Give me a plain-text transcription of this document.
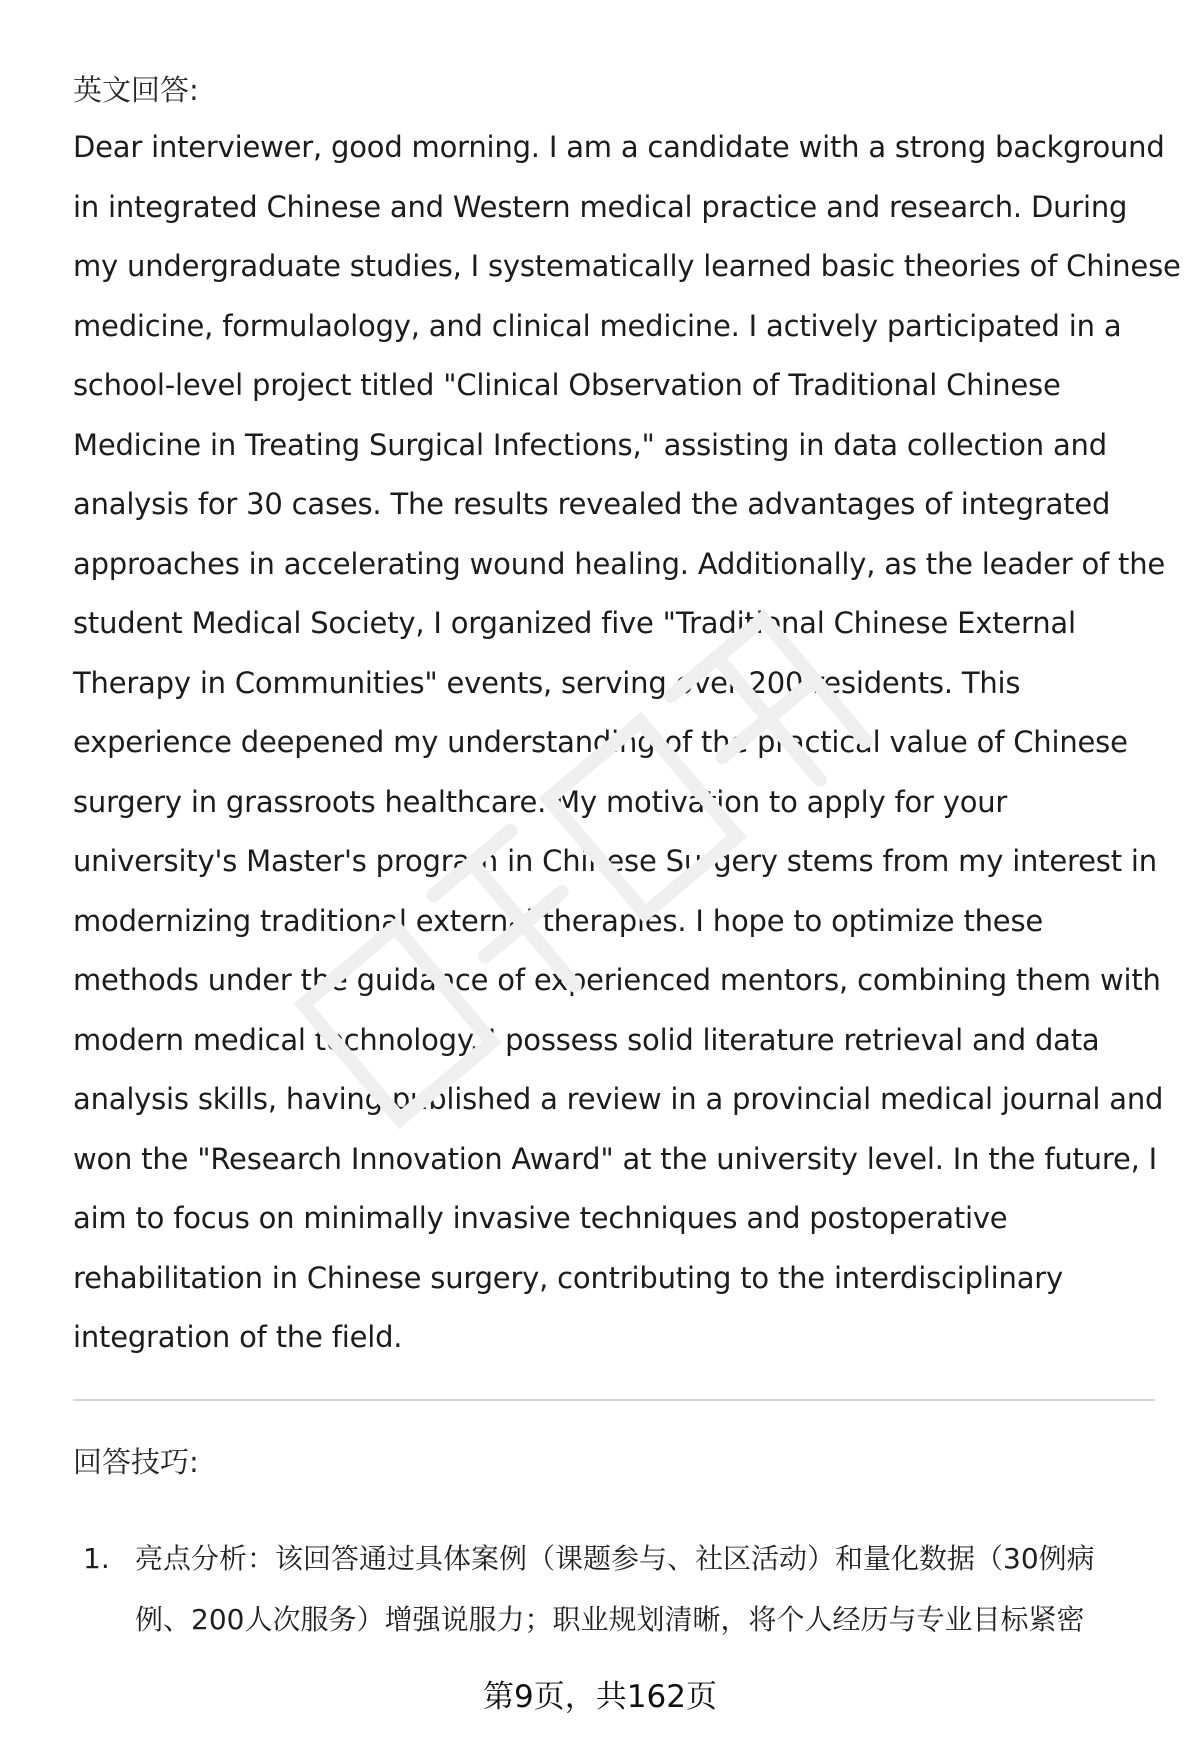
英文回答:
Dear interviewer, good morning. I am a candidate with a strong background
in integrated Chinese and Western medical practice and research. During
my undergraduate studies, I systematically learned basic theories of Chinese
medicine, formulaology, and clinical medicine. I actively participated in a
school-level project titled "Clinical Observation of Traditional Chinese
Medicine in Treating Surgical Infections," assisting in data collection and
analysis for 30 cases. The results revealed the advantages of integrated
approaches in accelerating wound healing. Additionally, as the leader of the
student Medical Society, I organized five "Traditional Chinese External
Therapy in Communities" events, serving over 200 residents. This
experience deepened my understanding of the practical value of Chinese
surgery in grassroots healthcare. My motivation to apply for your
university's Master's program in Chinese Surgery stems from my interest in
modernizing traditional external therapies. I hope to optimize these
methods under the guidance of experienced mentors, combining them with
modern medical technology. I possess solid literature retrieval and data
analysis skills, having published a review in a provincial medical journal and
won the "Research Innovation Award" at the university level. In the future, I
aim to focus on minimally invasive techniques and postoperative
rehabilitation in Chinese surgery, contributing to the interdisciplinary
integration of the field.
回答技巧:
1. 亮点分析：该回答通过具体案例（课题参与、社区活动）和量化数据（30例病
例、200人次服务）增强说服力；职业规划清晰，将个人经历与专业目标紧密
第9页，共162页
